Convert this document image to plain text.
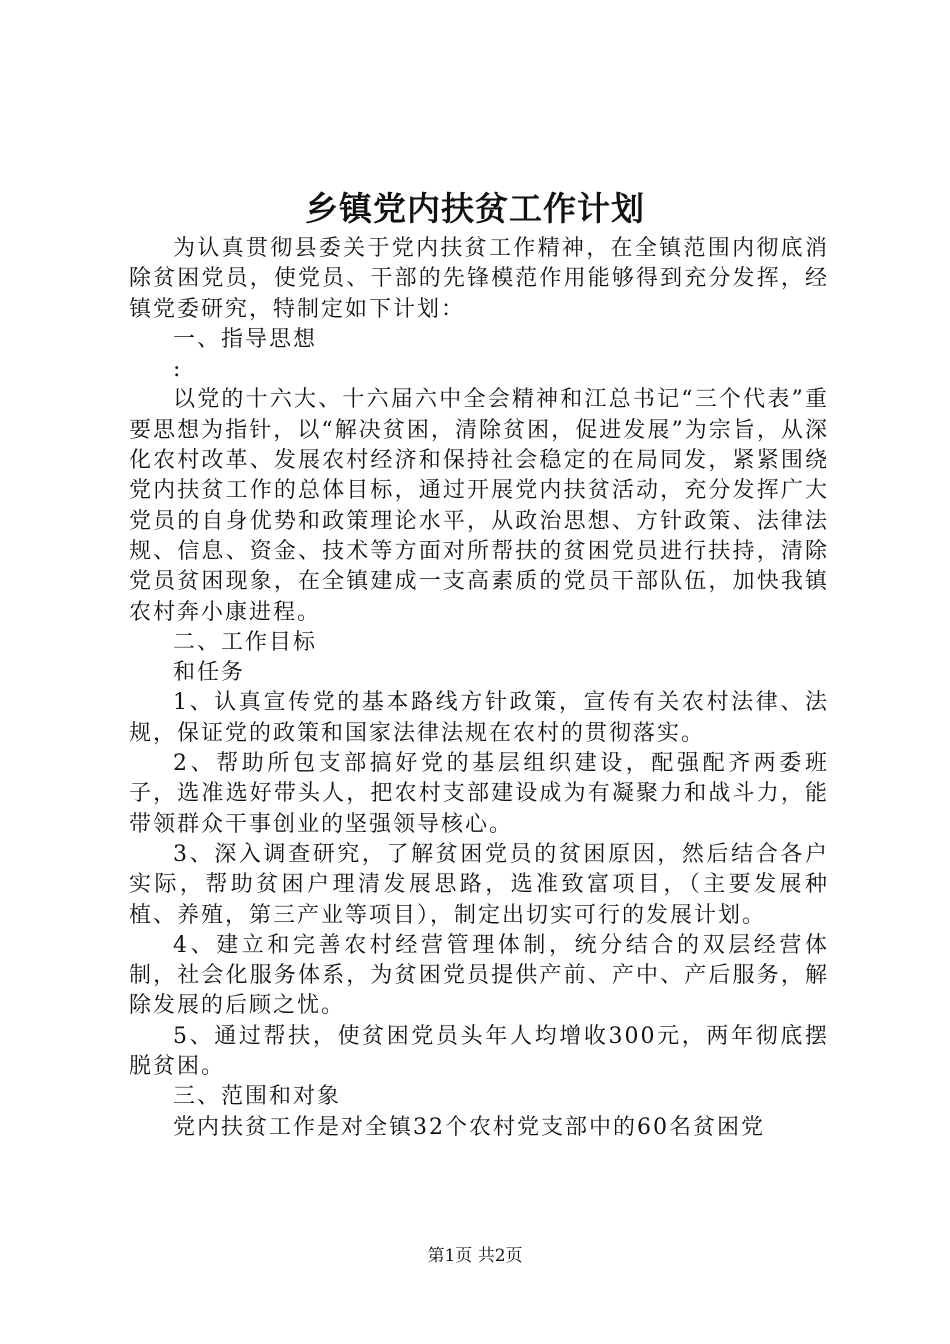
乡镇党内扶贫工作计划

为认真贯彻县委关于党内扶贫工作精神，在全镇范围内彻底消除贫困党员，使党员、干部的先锋模范作用能够得到充分发挥，经镇党委研究，特制定如下计划：

一、指导思想

:

以党的十六大、十六届六中全会精神和江总书记“三个代表”重要思想为指针，以“解决贫困，清除贫困，促进发展”为宗旨，从深化农村改革、发展农村经济和保持社会稳定的在局同发，紧紧围绕党内扶贫工作的总体目标，通过开展党内扶贫活动，充分发挥广大党员的自身优势和政策理论水平，从政治思想、方针政策、法律法规、信息、资金、技术等方面对所帮扶的贫困党员进行扶持，清除党员贫困现象，在全镇建成一支高素质的党员干部队伍，加快我镇农村奔小康进程。

二、工作目标

和任务

1、认真宣传党的基本路线方针政策，宣传有关农村法律、法规，保证党的政策和国家法律法规在农村的贯彻落实。

2、帮助所包支部搞好党的基层组织建设，配强配齐两委班子，选准选好带头人，把农村支部建设成为有凝聚力和战斗力，能带领群众干事创业的坚强领导核心。

3、深入调查研究，了解贫困党员的贫困原因，然后结合各户实际，帮助贫困户理清发展思路，选准致富项目，（主要发展种植、养殖，第三产业等项目），制定出切实可行的发展计划。

4、建立和完善农村经营管理体制，统分结合的双层经营体制，社会化服务体系，为贫困党员提供产前、产中、产后服务，解除发展的后顾之忧。

5、通过帮扶，使贫困党员头年人均增收300元，两年彻底摆脱贫困。

三、范围和对象

党内扶贫工作是对全镇32个农村党支部中的60名贫困党

第1页 共2页
